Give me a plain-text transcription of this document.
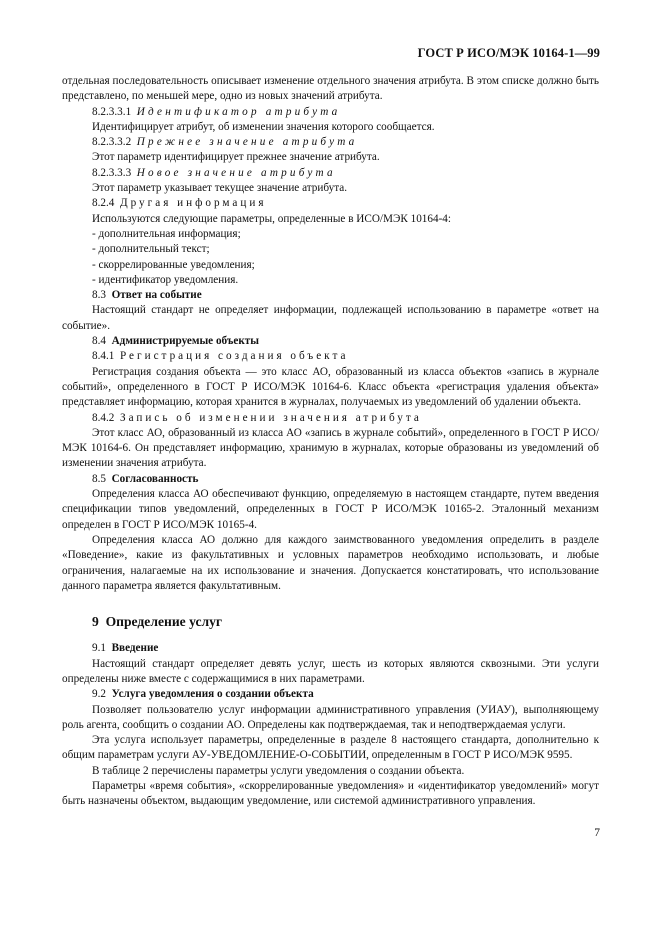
ГОСТ Р ИСО/МЭК 10164-1—99

отдельная последовательность описывает изменение отдельного значения атрибута. В этом списке должно быть представлено, по меньшей мере, одно из новых значений атрибута.

8.2.3.3.1 Идентификатор атрибута

Идентифицирует атрибут, об изменении значения которого сообщается.

8.2.3.3.2 Прежнее значение атрибута

Этот параметр идентифицирует прежнее значение атрибута.

8.2.3.3.3 Новое значение атрибута

Этот параметр указывает текущее значение атрибута.

8.2.4 Другая информация

Используются следующие параметры, определенные в ИСО/МЭК 10164-4:

- дополнительная информация;

- дополнительный текст;

- скоррелированные уведомления;

- идентификатор уведомления.

8.3 Ответ на событие

Настоящий стандарт не определяет информации, подлежащей использованию в параметре «ответ на событие».

8.4 Администрируемые объекты

8.4.1 Регистрация создания объекта

Регистрация создания объекта — это класс АО, образованный из класса объектов «запись в журнале событий», определенного в ГОСТ Р ИСО/МЭК 10164-6. Класс объекта «регистрация удаления объекта» представляет информацию, которая хранится в журналах, получаемых из уведомлений об удалении объекта.

8.4.2 Запись об изменении значения атрибута

Этот класс АО, образованный из класса АО «запись в журнале событий», определенного в ГОСТ Р ИСО/МЭК 10164-6. Он представляет информацию, хранимую в журналах, которые образованы из уведомлений об изменении значения атрибута.

8.5 Согласованность

Определения класса АО обеспечивают функцию, определяемую в настоящем стандарте, путем введения спецификации типов уведомлений, определенных в ГОСТ Р ИСО/МЭК 10165-2. Эталонный механизм определен в ГОСТ Р ИСО/МЭК 10165-4.

Определения класса АО должно для каждого заимствованного уведомления определить в разделе «Поведение», какие из факультативных и условных параметров необходимо использовать, и любые ограничения, налагаемые на их использование и значения. Допускается констатировать, что использование данного параметра является факультативным.

9 Определение услуг

9.1 Введение

Настоящий стандарт определяет девять услуг, шесть из которых являются сквозными. Эти услуги определены ниже вместе с содержащимися в них параметрами.

9.2 Услуга уведомления о создании объекта

Позволяет пользователю услуг информации административного управления (УИАУ), выполняющему роль агента, сообщить о создании АО. Определены как подтверждаемая, так и неподтверждаемая услуги.

Эта услуга использует параметры, определенные в разделе 8 настоящего стандарта, дополнительно к общим параметрам услуги АУ-УВЕДОМЛЕНИЕ-О-СОБЫТИИ, определенным в ГОСТ Р ИСО/МЭК 9595.

В таблице 2 перечислены параметры услуги уведомления о создании объекта.

Параметры «время события», «скоррелированные уведомления» и «идентификатор уведомлений» могут быть назначены объектом, выдающим уведомление, или системой административного управления.

7
